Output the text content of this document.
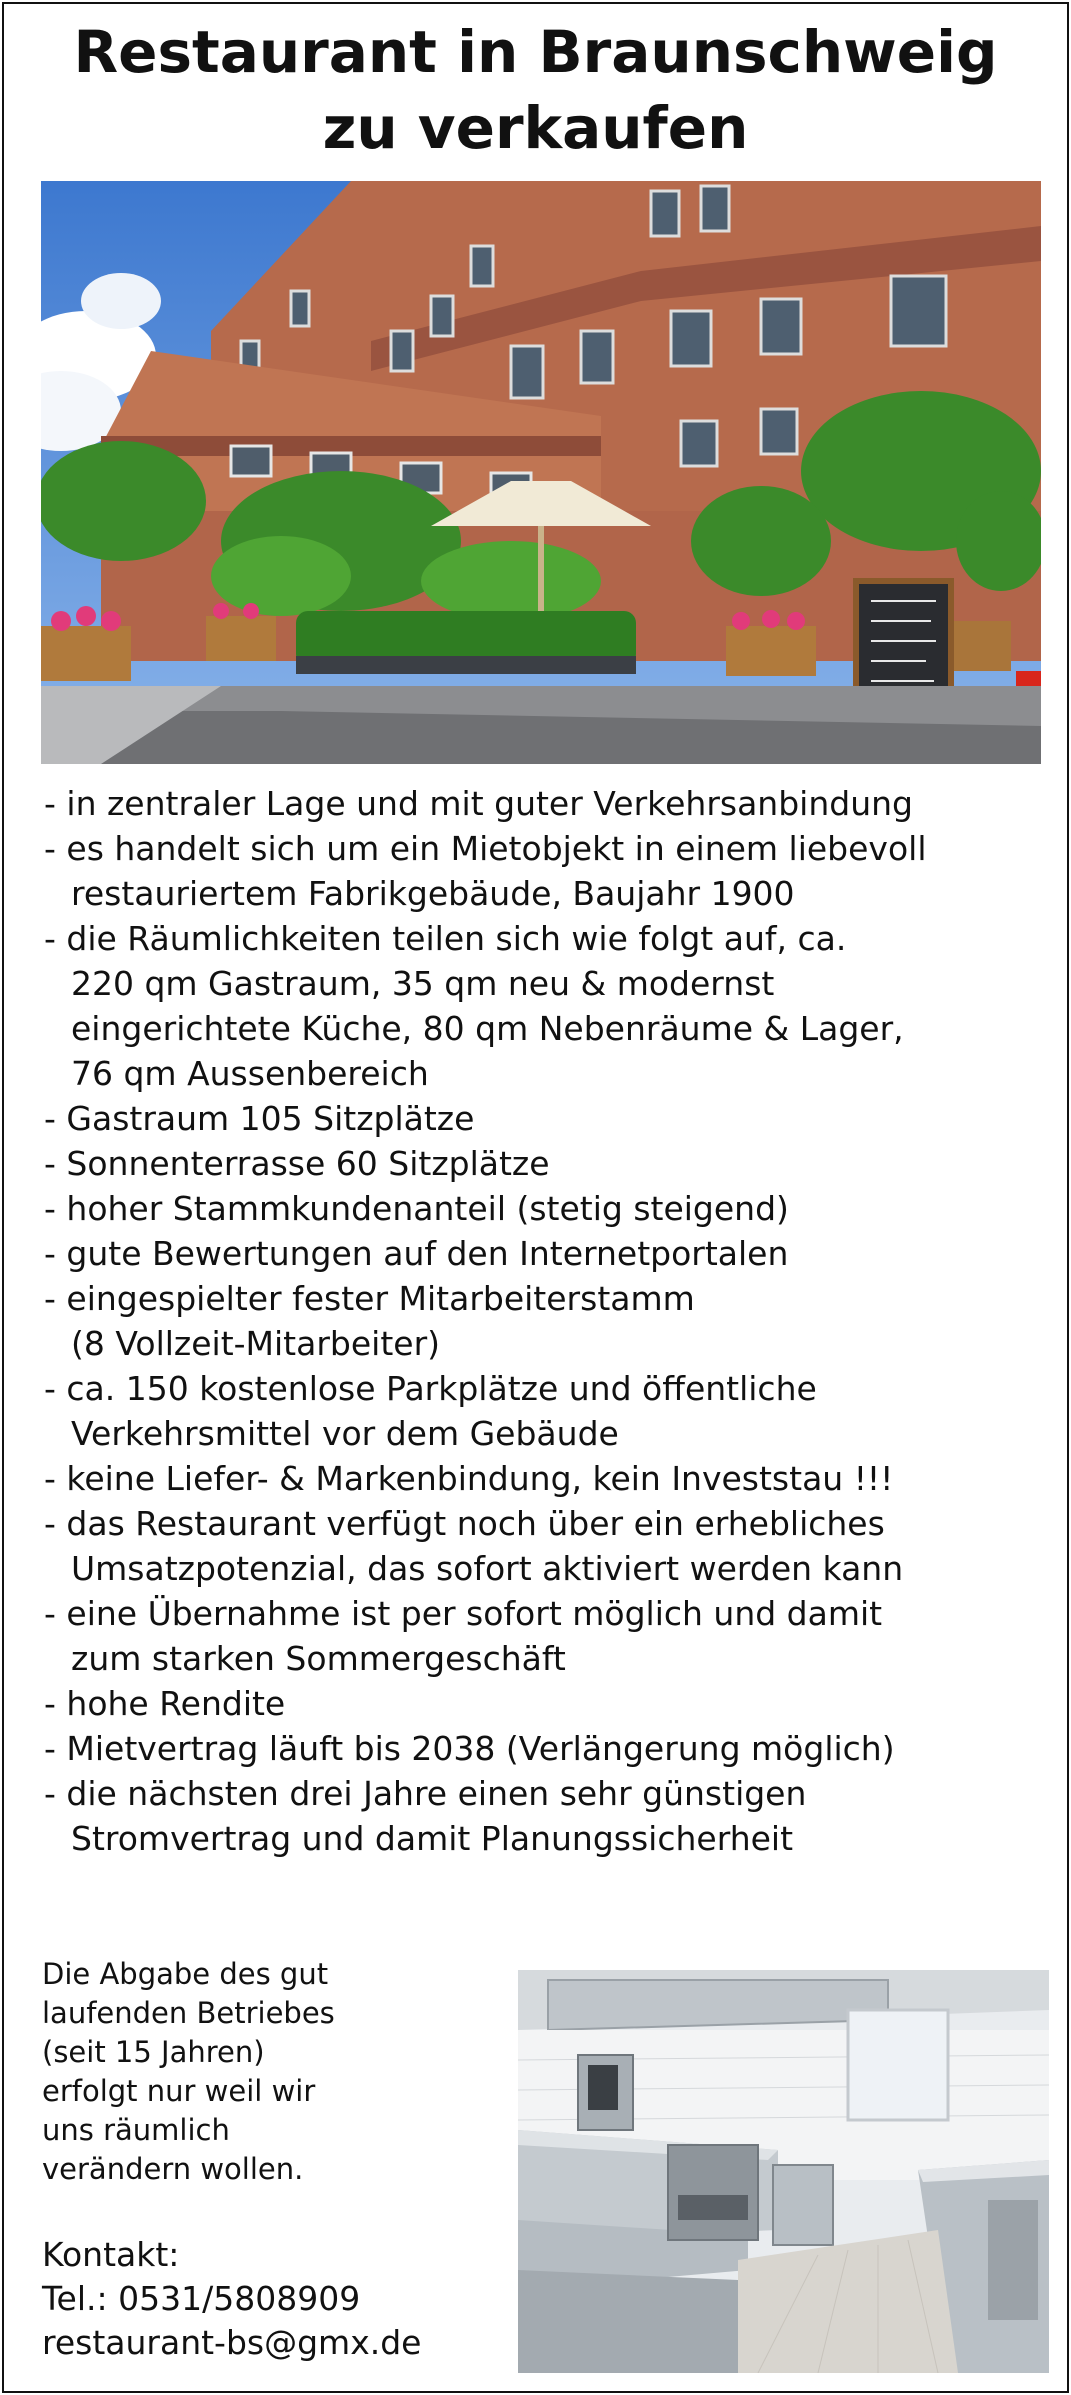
Restaurant in Braunschweig
zu verkaufen
- in zentraler Lage und mit guter Verkehrsanbindung
- es handelt sich um ein Mietobjekt in einem liebevoll
restauriertem Fabrikgebäude, Baujahr 1900
- die Räumlichkeiten teilen sich wie folgt auf, ca.
220 qm Gastraum, 35 qm neu & modernst
eingerichtete Küche, 80 qm Nebenräume & Lager,
76 qm Aussenbereich
- Gastraum 105 Sitzplätze
- Sonnenterrasse 60 Sitzplätze
- hoher Stammkundenanteil (stetig steigend)
- gute Bewertungen auf den Internetportalen
- eingespielter fester Mitarbeiterstamm
(8 Vollzeit-Mitarbeiter)
- ca. 150 kostenlose Parkplätze und öffentliche
Verkehrsmittel vor dem Gebäude
- keine Liefer- & Markenbindung, kein Investstau !!!
- das Restaurant verfügt noch über ein erhebliches
Umsatzpotenzial, das sofort aktiviert werden kann
- eine Übernahme ist per sofort möglich und damit
zum starken Sommergeschäft
- hohe Rendite
- Mietvertrag läuft bis 2038 (Verlängerung möglich)
- die nächsten drei Jahre einen sehr günstigen
Stromvertrag und damit Planungssicherheit

Die Abgabe des gut
laufenden Betriebes
(seit 15 Jahren)
erfolgt nur weil wir
uns räumlich
verändern wollen.

Kontakt:
Tel.: 0531/5808909
restaurant-bs@gmx.de
